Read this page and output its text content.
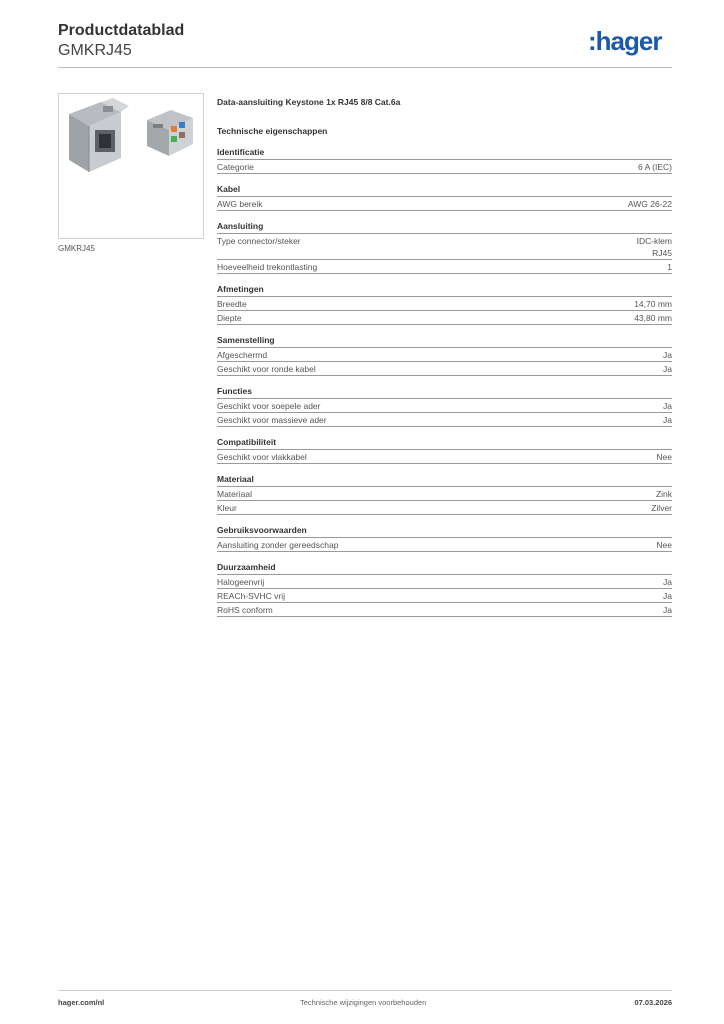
Productdatablad
GMKRJ45	:hager
GMKRJ45
Data-aansluiting Keystone 1x RJ45 8/8 Cat.6a
Technische eigenschappen
Identificatie
Categorie	6 A (IEC)
Kabel
AWG bereik	AWG 26-22
Aansluiting
Type connector/steker	IDC-klem
RJ45
Hoeveelheid trekontlasting	1
Afmetingen
Breedte	14,70 mm
Diepte	43,80 mm
Samenstelling
Afgeschermd	Ja
Geschikt voor ronde kabel	Ja
Functies
Geschikt voor soepele ader	Ja
Geschikt voor massieve ader	Ja
Compatibiliteit
Geschikt voor vlakkabel	Nee
Materiaal
Materiaal	Zink
Kleur	Zilver
Gebruiksvoorwaarden
Aansluiting zonder gereedschap	Nee
Duurzaamheid
Halogeenvrij	Ja
REACh-SVHC vrij	Ja
RoHS conform	Ja
hager.com/nl	Technische wijzigingen voorbehouden	07.03.2026
